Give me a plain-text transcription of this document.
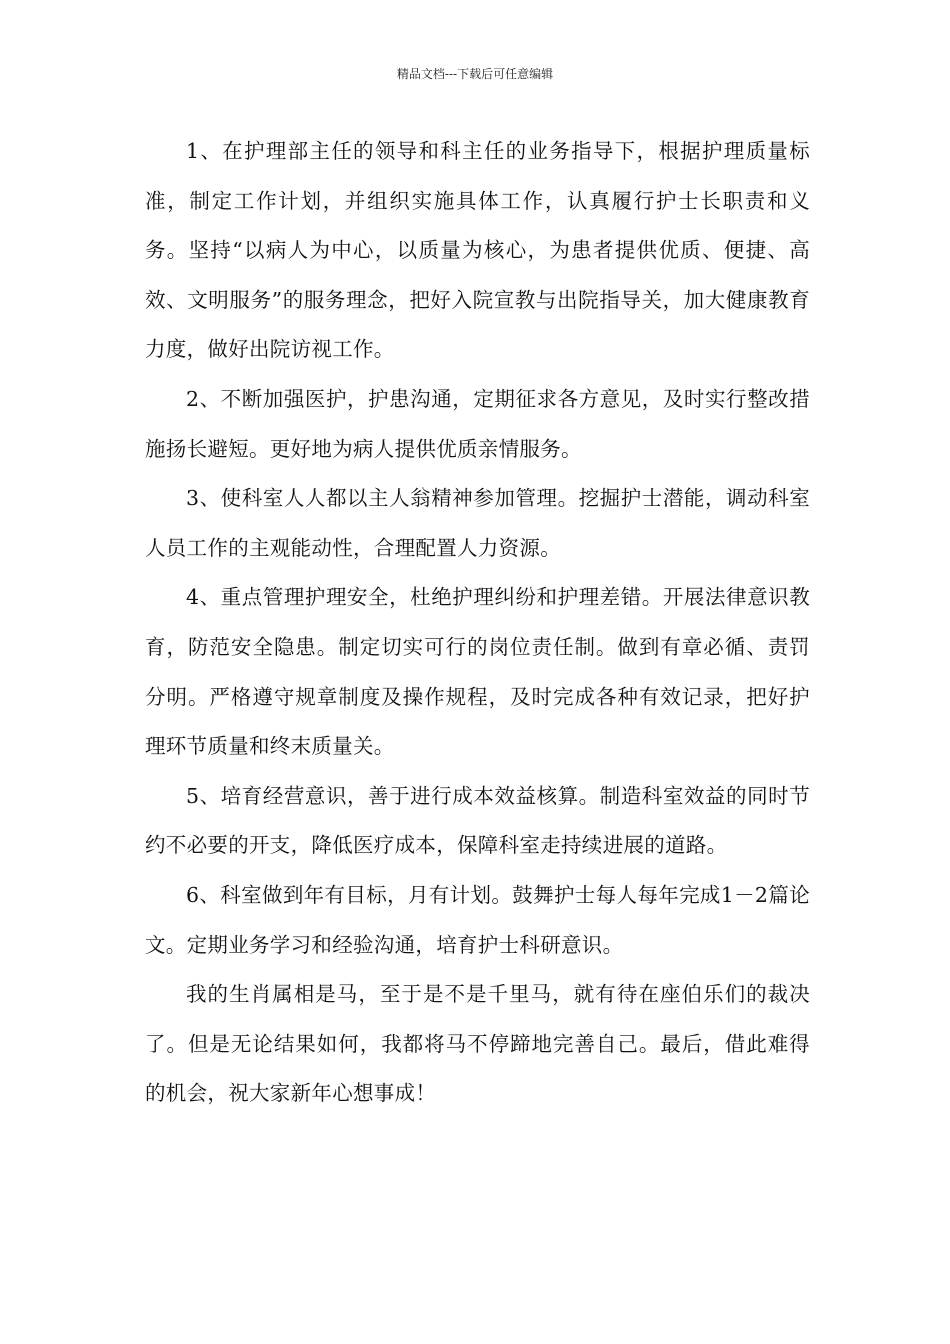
精品文档---下载后可任意编辑

1、在护理部主任的领导和科主任的业务指导下，根据护理质量标准，制定工作计划，并组织实施具体工作，认真履行护士长职责和义务。坚持“以病人为中心，以质量为核心，为患者提供优质、便捷、高效、文明服务”的服务理念，把好入院宣教与出院指导关，加大健康教育力度，做好出院访视工作。

2、不断加强医护，护患沟通，定期征求各方意见，及时实行整改措施扬长避短。更好地为病人提供优质亲情服务。

3、使科室人人都以主人翁精神参加管理。挖掘护士潜能，调动科室人员工作的主观能动性，合理配置人力资源。

4、重点管理护理安全，杜绝护理纠纷和护理差错。开展法律意识教育，防范安全隐患。制定切实可行的岗位责任制。做到有章必循、责罚分明。严格遵守规章制度及操作规程，及时完成各种有效记录，把好护理环节质量和终末质量关。

5、培育经营意识，善于进行成本效益核算。制造科室效益的同时节约不必要的开支，降低医疗成本，保障科室走持续进展的道路。

6、科室做到年有目标，月有计划。鼓舞护士每人每年完成1－2篇论文。定期业务学习和经验沟通，培育护士科研意识。

我的生肖属相是马，至于是不是千里马，就有待在座伯乐们的裁决了。但是无论结果如何，我都将马不停蹄地完善自己。最后，借此难得的机会，祝大家新年心想事成！
